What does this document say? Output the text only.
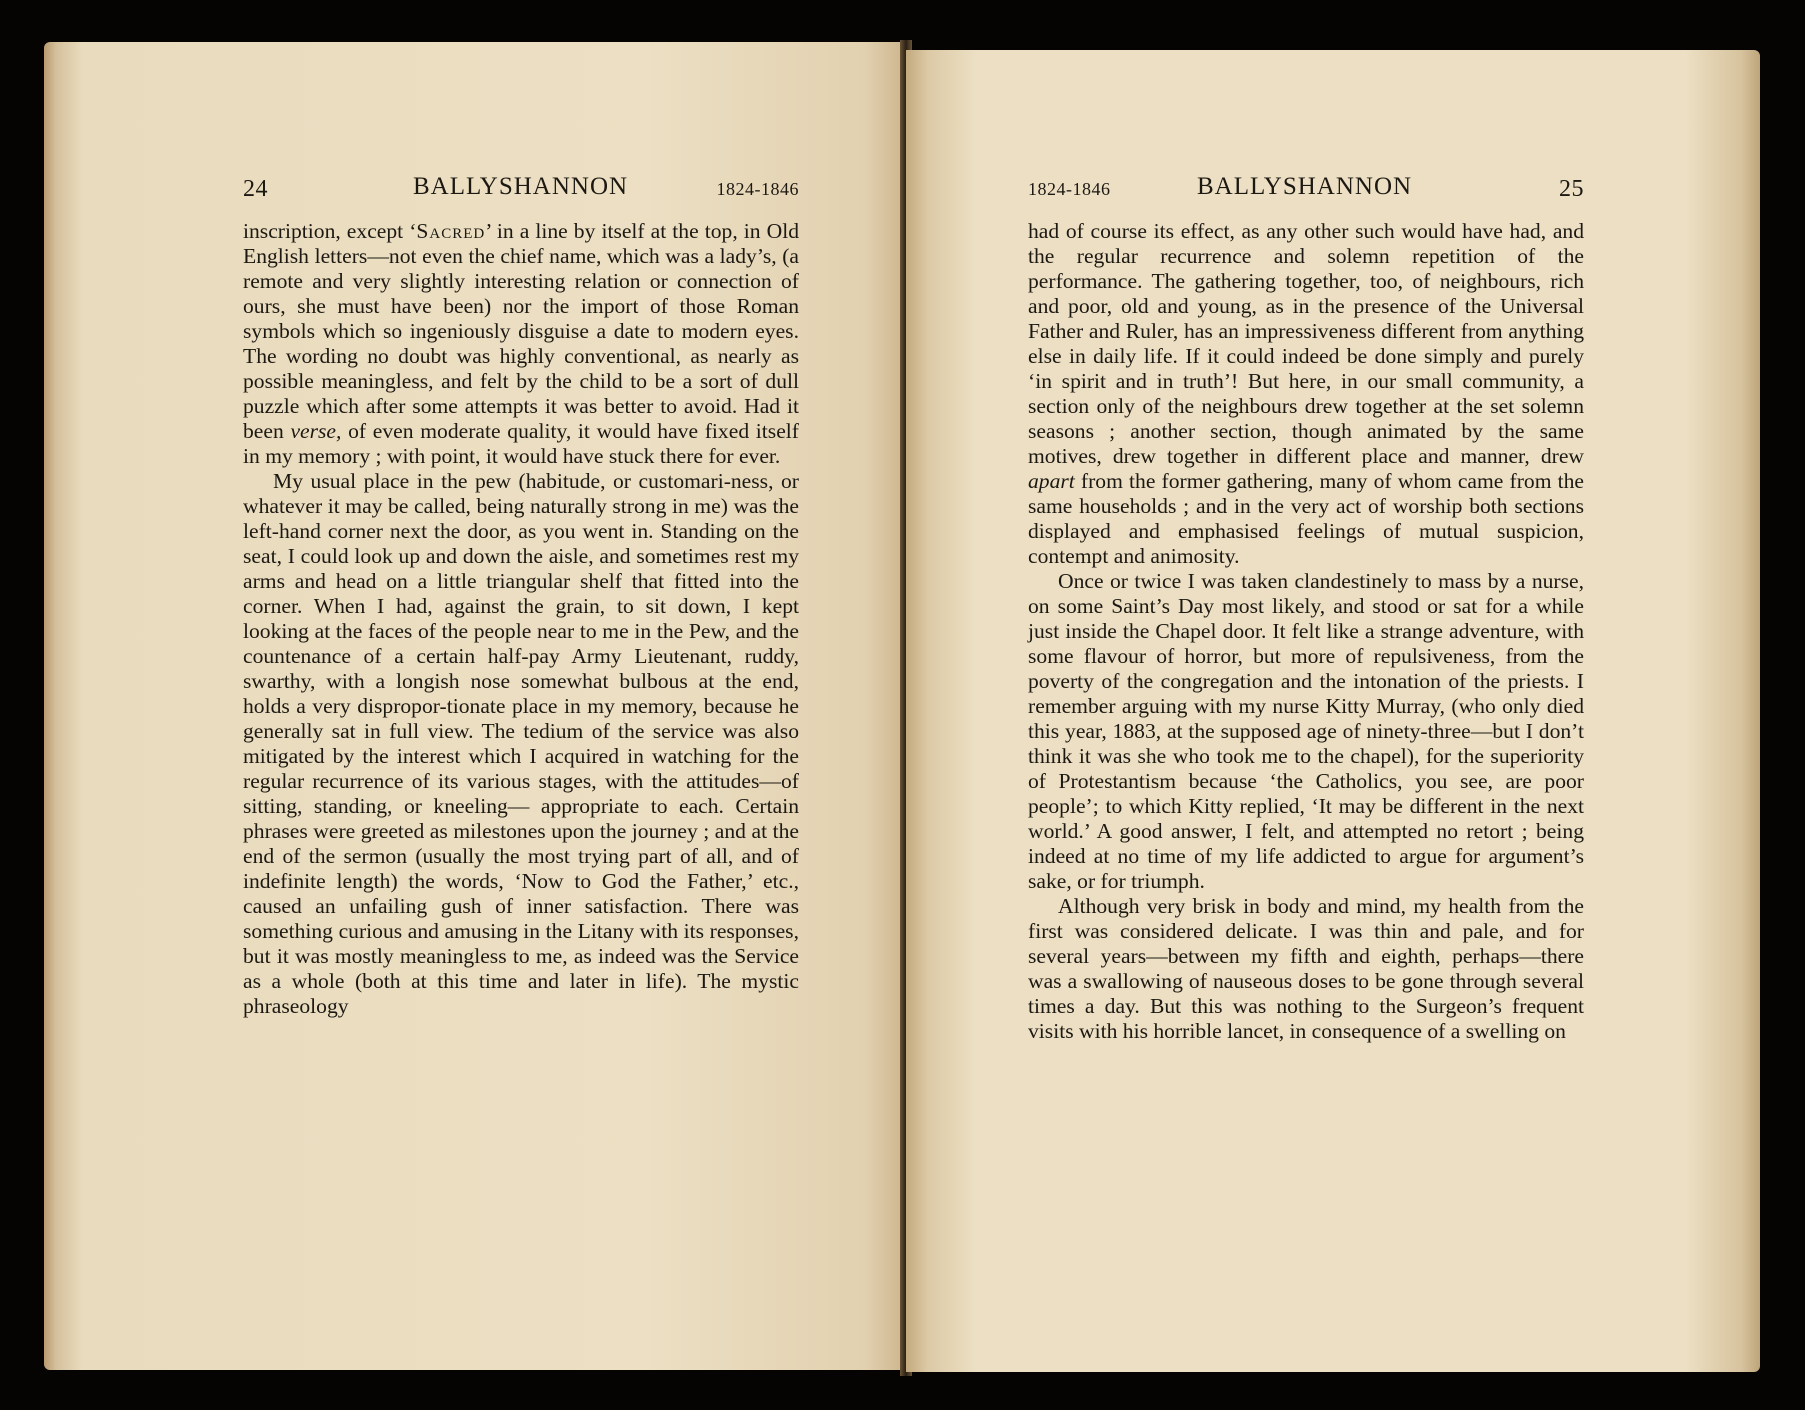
24	BALLYSHANNON	1824-1846	1824-1846	BALLYSHANNON	25

inscription, except ‘Sacred’ in a line by itself at the top, in Old English letters—not even the chief name, which was a lady’s, (a remote and very slightly interesting relation or connection of ours, she must have been) nor the import of those Roman symbols which so ingeniously disguise a date to modern eyes. The wording no doubt was highly conventional, as nearly as possible meaningless, and felt by the child to be a sort of dull puzzle which after some attempts it was better to avoid. Had it been verse, of even moderate quality, it would have fixed itself in my memory ; with point, it would have stuck there for ever.

My usual place in the pew (habitude, or customari-ness, or whatever it may be called, being naturally strong in me) was the left-hand corner next the door, as you went in. Standing on the seat, I could look up and down the aisle, and sometimes rest my arms and head on a little triangular shelf that fitted into the corner. When I had, against the grain, to sit down, I kept looking at the faces of the people near to me in the Pew, and the countenance of a certain half-pay Army Lieutenant, ruddy, swarthy, with a longish nose somewhat bulbous at the end, holds a very dispropor-tionate place in my memory, because he generally sat in full view. The tedium of the service was also mitigated by the interest which I acquired in watching for the regular recurrence of its various stages, with the attitudes—of sitting, standing, or kneeling— appropriate to each. Certain phrases were greeted as milestones upon the journey ; and at the end of the sermon (usually the most trying part of all, and of indefinite length) the words, ‘Now to God the Father,’ etc., caused an unfailing gush of inner satisfaction. There was something curious and amusing in the Litany with its responses, but it was mostly meaningless to me, as indeed was the Service as a whole (both at this time and later in life). The mystic phraseology

had of course its effect, as any other such would have had, and the regular recurrence and solemn repetition of the performance. The gathering together, too, of neighbours, rich and poor, old and young, as in the presence of the Universal Father and Ruler, has an impressiveness different from anything else in daily life. If it could indeed be done simply and purely ‘in spirit and in truth’! But here, in our small community, a section only of the neighbours drew together at the set solemn seasons ; another section, though animated by the same motives, drew together in different place and manner, drew apart from the former gathering, many of whom came from the same households ; and in the very act of worship both sections displayed and emphasised feelings of mutual suspicion, contempt and animosity.

Once or twice I was taken clandestinely to mass by a nurse, on some Saint’s Day most likely, and stood or sat for a while just inside the Chapel door. It felt like a strange adventure, with some flavour of horror, but more of repulsiveness, from the poverty of the congregation and the intonation of the priests. I remember arguing with my nurse Kitty Murray, (who only died this year, 1883, at the supposed age of ninety-three—but I don’t think it was she who took me to the chapel), for the superiority of Protestantism because ‘the Catholics, you see, are poor people’; to which Kitty replied, ‘It may be different in the next world.’ A good answer, I felt, and attempted no retort ; being indeed at no time of my life addicted to argue for argument’s sake, or for triumph.

Although very brisk in body and mind, my health from the first was considered delicate. I was thin and pale, and for several years—between my fifth and eighth, perhaps—there was a swallowing of nauseous doses to be gone through several times a day. But this was nothing to the Surgeon’s frequent visits with his horrible lancet, in consequence of a swelling on
